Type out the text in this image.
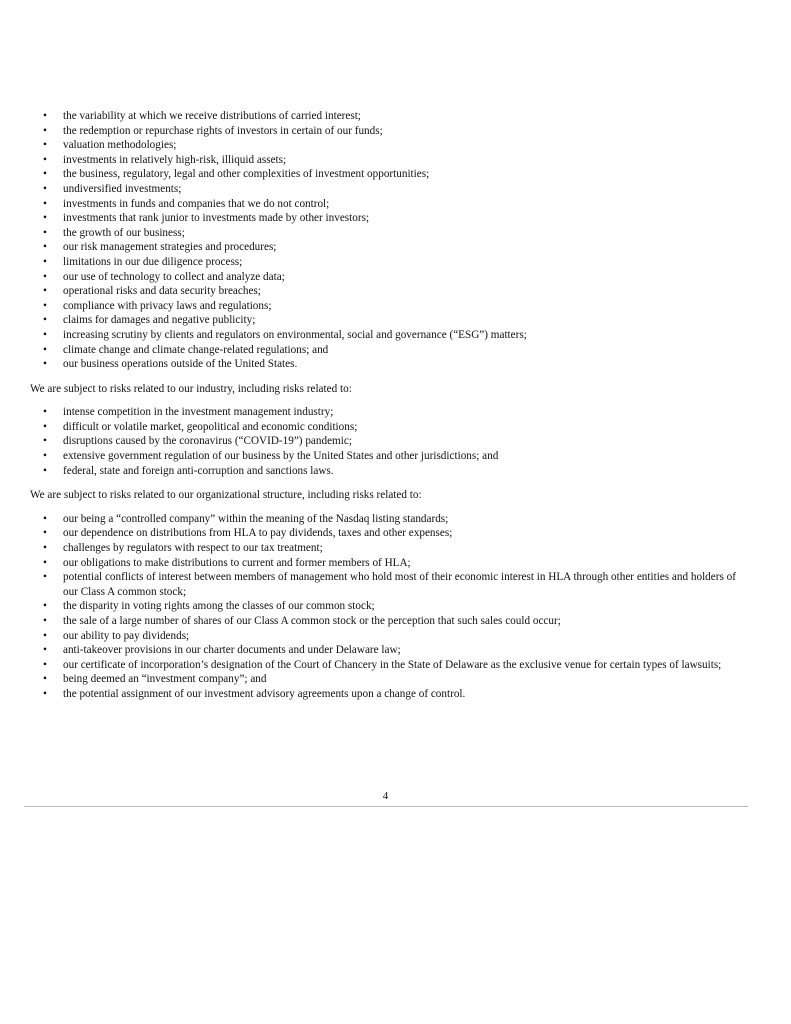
• the variability at which we receive distributions of carried interest;
• the redemption or repurchase rights of investors in certain of our funds;
• valuation methodologies;
• investments in relatively high-risk, illiquid assets;
• the business, regulatory, legal and other complexities of investment opportunities;
• undiversified investments;
• investments in funds and companies that we do not control;
• investments that rank junior to investments made by other investors;
• the growth of our business;
• our risk management strategies and procedures;
• limitations in our due diligence process;
• our use of technology to collect and analyze data;
• operational risks and data security breaches;
• compliance with privacy laws and regulations;
• claims for damages and negative publicity;
• increasing scrutiny by clients and regulators on environmental, social and governance (“ESG”) matters;
• climate change and climate change-related regulations; and
• our business operations outside of the United States.

We are subject to risks related to our industry, including risks related to:

• intense competition in the investment management industry;
• difficult or volatile market, geopolitical and economic conditions;
• disruptions caused by the coronavirus (“COVID-19”) pandemic;
• extensive government regulation of our business by the United States and other jurisdictions; and
• federal, state and foreign anti-corruption and sanctions laws.

We are subject to risks related to our organizational structure, including risks related to:

• our being a “controlled company” within the meaning of the Nasdaq listing standards;
• our dependence on distributions from HLA to pay dividends, taxes and other expenses;
• challenges by regulators with respect to our tax treatment;
• our obligations to make distributions to current and former members of HLA;
• potential conflicts of interest between members of management who hold most of their economic interest in HLA through other entities and holders of our Class A common stock;
• the disparity in voting rights among the classes of our common stock;
• the sale of a large number of shares of our Class A common stock or the perception that such sales could occur;
• our ability to pay dividends;
• anti-takeover provisions in our charter documents and under Delaware law;
• our certificate of incorporation’s designation of the Court of Chancery in the State of Delaware as the exclusive venue for certain types of lawsuits;
• being deemed an “investment company”; and
• the potential assignment of our investment advisory agreements upon a change of control.
4
